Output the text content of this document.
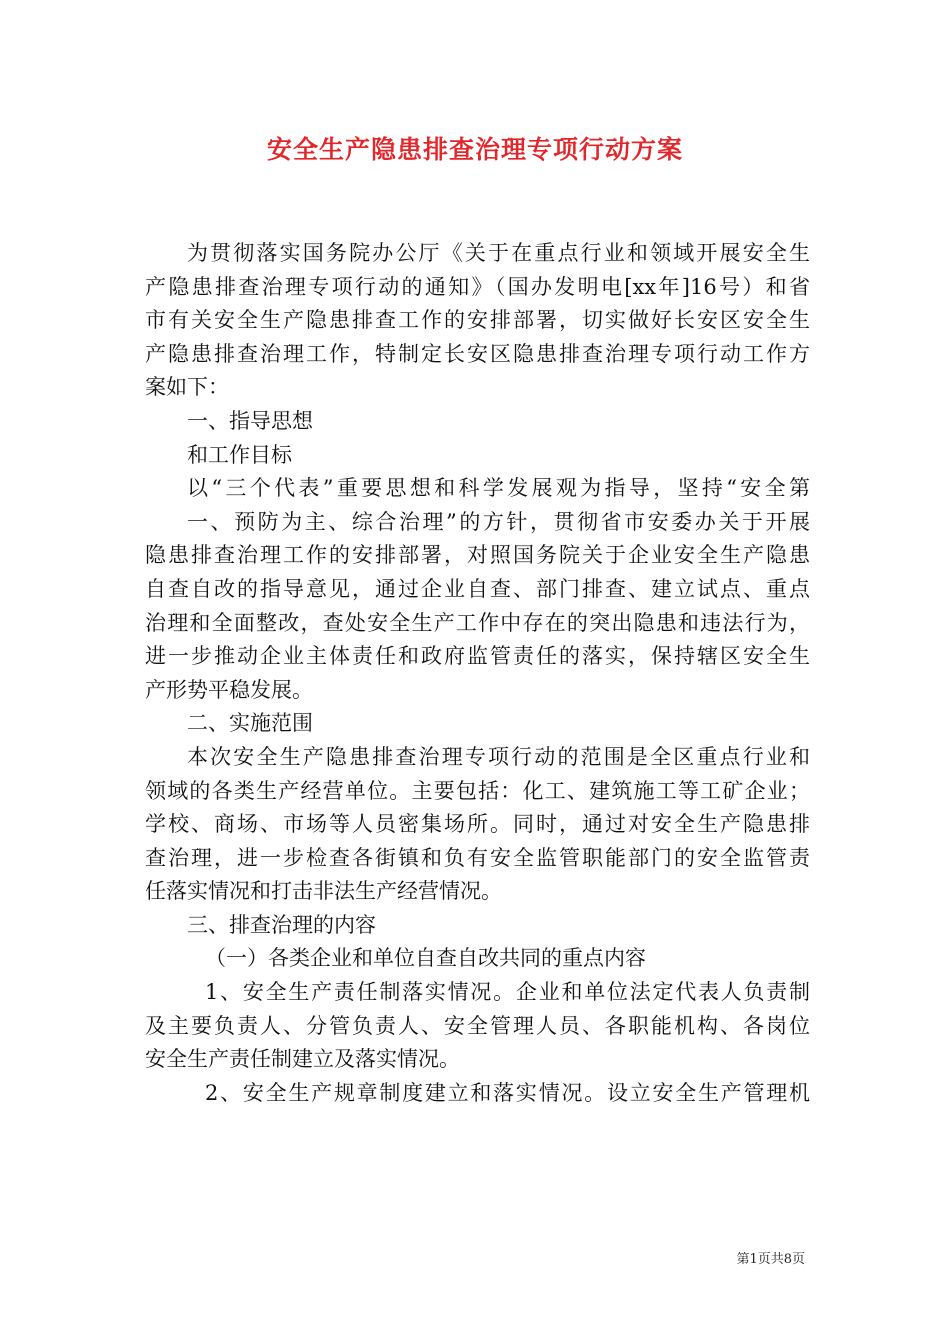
安全生产隐患排查治理专项行动方案
为贯彻落实国务院办公厅《关于在重点行业和领域开展安全生
产隐患排查治理专项行动的通知》（国办发明电[xx年]16号）和省
市有关安全生产隐患排查工作的安排部署，切实做好长安区安全生
产隐患排查治理工作，特制定长安区隐患排查治理专项行动工作方
案如下：
一、指导思想
和工作目标
以“三个代表”重要思想和科学发展观为指导，坚持“安全第
一、预防为主、综合治理”的方针，贯彻省市安委办关于开展
隐患排查治理工作的安排部署，对照国务院关于企业安全生产隐患
自查自改的指导意见，通过企业自查、部门排查、建立试点、重点
治理和全面整改，查处安全生产工作中存在的突出隐患和违法行为，
进一步推动企业主体责任和政府监管责任的落实，保持辖区安全生
产形势平稳发展。
二、实施范围
本次安全生产隐患排查治理专项行动的范围是全区重点行业和
领域的各类生产经营单位。主要包括：化工、建筑施工等工矿企业；
学校、商场、市场等人员密集场所。同时，通过对安全生产隐患排
查治理，进一步检查各街镇和负有安全监管职能部门的安全监管责
任落实情况和打击非法生产经营情况。
三、排查治理的内容
（一）各类企业和单位自查自改共同的重点内容
1、安全生产责任制落实情况。企业和单位法定代表人负责制
及主要负责人、分管负责人、安全管理人员、各职能机构、各岗位
安全生产责任制建立及落实情况。
2、安全生产规章制度建立和落实情况。设立安全生产管理机
第1页共8页
